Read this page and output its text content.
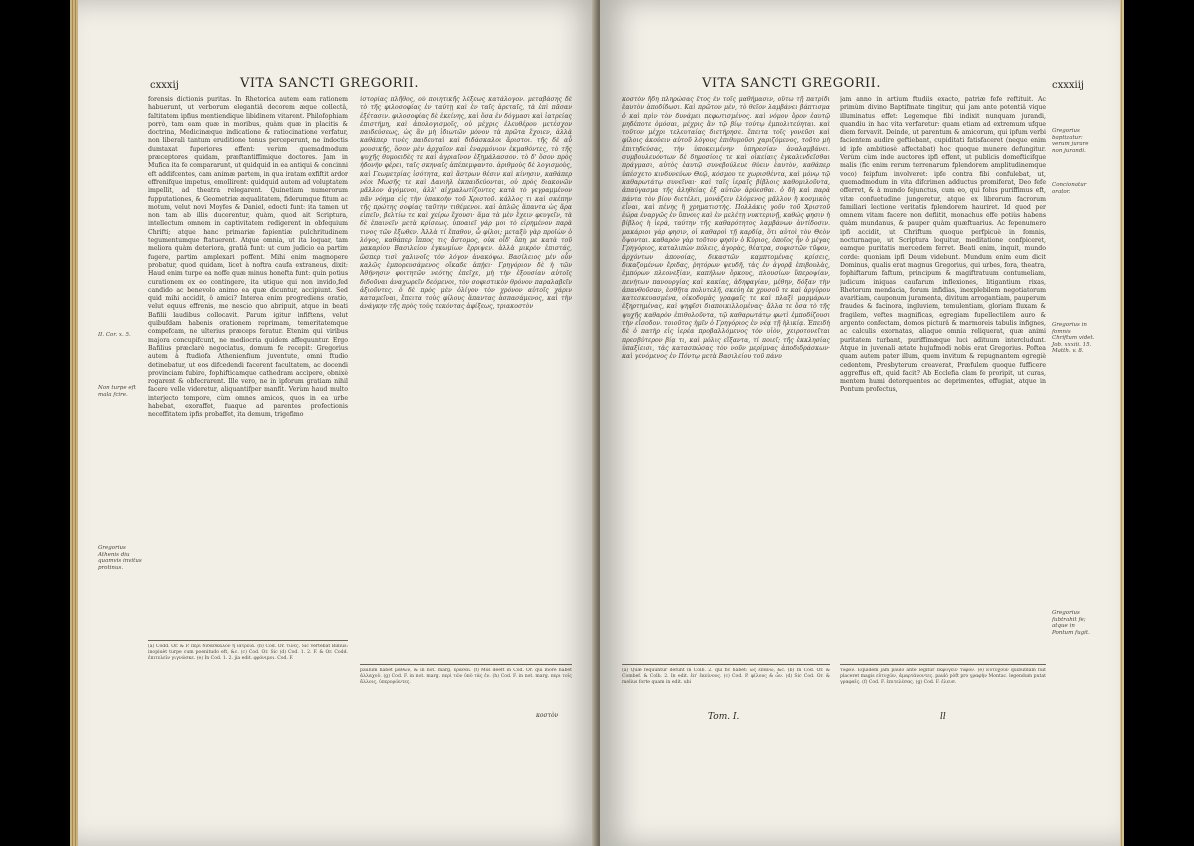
cxxxij	VITA SANCTI GREGORII.
II. Cor. x. 5.
Non turpe eft mala fcire.
Gregorius Athenis diu quamvis invitus protinus.

forensis dictionis puritas. In Rhetorica autem eam rationem habuerunt, ut verborum elegantiâ decorem æque collectâ, faltitatem ipfius mentiendique libidinem vitarent. Philofophiam porrò, tam eam quæ in moribus, quàm quæ in placitis & doctrina, Medicinæque indicatione & ratiocinatione verfatur, non liberali tantum eruditione tenus perceperunt, ne indoctis dumtaxat fuperiores effent: verùm quemadmodum præceptores quidam, præftantiffimique doctores. Jam in Mufica ita fe compararunt, ut quidquid in ea antiqui & concinni eft addifcentes, cam animæ partem, in qua iratam exfiftit ardor effrenifque impetus, emollirent: quidquid autem ad voluptatem impellit, ad theatra relegarent. Quinetiam numerorum fupputationes, & Geometriæ æqualitatem, fiderumque fitum ac motum, velut novi Moyfes & Daniel, edocti funt: ita tamen ut non tam ab illis ducerentur, quàm, quod ait Scriptura, intellectum omnem in captivitatem redigerent in obfequium Chrifti; atque hanc primariæ fapientiæ pulchritudinem tegumentumque ftatuerent. Atque omnia, ut ita loquar, tam meliora quàm deteriora, gratiâ funt: ut cum judicio ea partim fugere, partim amplexari poffent. Mihi enim magnopere probatur, quod quidam, licet à noftra caufa extraneus, dixit: Haud enim turpe ea noffe quæ minus honefta funt: quin potius curationem ex eo contingere, ita utique qui non invido,fed candido ac benevolo animo ea quæ dicuntur, accipiunt. Sed quid mihi accidit, ô amici? Interea enim progrediens oratio, velut equus effrenis, me nescio quo abripuit, atque in beati Bafilii laudibus collocavit. Parum igitur infiftens, velut quibufdam habenis orationem reprimam, temeritatemque compefcam, ne ulterius præceps feratur. Etenim qui viribus majora concupifcunt, ne mediocria quidem affequuntur. Ergo Bafilius præclarè negociatus, domum fe recepit: Gregorius autem à ftudiofa Athenienfium juventute, omni ftudio detinebatur, ut eos difcedendi facerent facultatem, ac docendi provinciam fubire, fophifticamque cathedram accipere, obnixè rogarent & obfecrarent. Ille vero, ne in ipforum gratiam nihil facere velle videretur, aliquantifper manfit. Verùm haud multo interjecto tempore, cùm omnes amicos, quos in ea urbe habebat, exoraffet, fuaque ad parentes profectionis neceffitatem ipfis probaffet, ita demum, trigefimo

ἱστορίας πλῆθος, οὐ ποιητικῆς λέξεως κατάλογον. μεταβάσης δὲ τὸ τῆς φιλοσοφίας ἐν ταύτῃ καὶ ἐν ταῖς ἀρεταῖς, τὰ ἐπὶ πᾶσαν ἐξέτασιν. φιλοσοφίας δὲ ἐκείνης, καὶ ὅσα ἐν δόγμασι καὶ ἰατρείας ἐπιστήμη, καὶ ἀπολογισμοῖς, οὐ μέχρις ἐλευθέρου μετέσχον παιδεύσεως, ὡς ἂν μὴ ἰδιωτῶν μόνον τὰ πρῶτα ἔχοιεν, ἀλλὰ καθάπερ τινὲς παιδευταὶ καὶ διδάσκαλοι ἄριστοι. τῆς δὲ αὖ μουσικῆς, ὅσον μὲν ἀρχαῖον καὶ ἐναρμόνιον ἐκμαθόντες, τὸ τῆς ψυχῆς θυμοειδὲς τε καὶ ἀγριαῖνον ἐξημάλασσον. τὸ δ' ὅσον πρὸς ἡδονὴν φέρει, ταῖς σκηναῖς ἀπέπεμψαντο. ἀριθμοὺς δὲ λογισμοὺς, καὶ Γεωμετρίας ἰσότητα, καὶ ἄστρων θέσιν καὶ κίνησιν, καθάπερ νέοι Μωσῆς τε καὶ Δανιὴλ ἐκπαιδεύονται, οὐ πρὸς διακονῶν μᾶλλον ἀγόμενοι, ἀλλ' αἰχμαλωτίζοντες κατὰ τὸ γεγραμμένον πᾶν νόημα εἰς τὴν ὑπακοὴν τοῦ Χριστοῦ. κάλλος τι καὶ σκέπην τῆς πρώτης σοφίας ταῦτην τιθέμενοι. καὶ ἁπλῶς ἅπαντα ὡς ἄρα εἰπεῖν, βελτίω τε καὶ χείρω ἔχουσι· ἅμα τὰ μὲν ἔχειν φευγεῖν, τὰ δὲ ἐπαινεῖν μετὰ κρίσεως. ὑποαιεῖ γάρ μοι τὸ εἰρημένον παρὰ τινος τῶν ἔξωθεν. Ἀλλὰ τί ἔπαθον, ὦ φίλοι; μεταξὺ γὰρ προϊὼν ὁ λόγος, καθάπερ ἵππος τις ἄστομος, οὐκ οἶδ' ὅπη με κατὰ τοῦ μακαρίου Βασιλείου ἐγκωμίων ἔρριψεν. ἀλλὰ μικρὸν ἐπιστάς, ὥσπερ τισὶ χαλινοῖς τὸν λόγον ἀνακόψω. Βασίλειος μὲν οὖν καλῶς ἐμπορευσάμενος οἴκαδε ἀπῄει· Γρηγόριον δὲ ἡ τῶν Ἀθήνησιν φοιτητῶν νεότης ἐπεῖχε, μὴ τὴν ἐξουσίαν αὐτοῖς διδοῦναι ἀναχωρεῖν δεόμενοι, τὸν σοφιστικὸν θρόνον παραλαβεῖν ἀξιοῦντες. ὁ δὲ πρὸς μὲν ὀλίγον τὸν χρόνον αὐτοῖς χάριν καταμεῖναι, ἔπειτα τοὺς φίλους ἅπαντας ἀσπασάμενος, καὶ τὴν ἀνάγκην τῆς πρὸς τοὺς τεκόντας ἀφίξεως, τριακοστὸν

(a) Codd. Or. & P. περὶ διδάσκαλον ἢ ἰατρεῖα. (b) Cod. Or. τινὲς. Sic vertebat Billius: inopiuèt turpe cum poenitudo eft, &c. (c) Cod. Or. Sic (d) Cod. 1. 2. F. & Or. Codd. ἐπιτελεῖν γιγνῶσκε. (e) In Cod. 1. 2. jia edit. φρόνιμοι. Cod. F.
paulum habet μαθὼν, & in not. marg. ἐρᾶσαι. (f) Mss deeft in Cod. Or. qui more habet ἀλλαχοῦ. (g) Cod. F. in not. marg. περὶ τῶν ὑπὸ τὰς ἐν. (h) Cod. F. in not. marg. περι τοῖς ἄλλοις, ὑπερορῶντες.
κοστὸν
VITA SANCTI GREGORII.	cxxxiij

κοστὸν ἤδη πληρώσας ἔτος ἐν τοῖς μαθήμασιν, οὕτω τῇ πατρίδι ἑαυτὸν ἀποδίδωσι. Καὶ πρῶτον μὲν, τὸ θεῖον λαμβάνει βάπτισμα ὁ καὶ πρὶν τὸν δυνάμει πεφωτισμένος. καὶ νόμον ὅρον ἑαυτῷ μηδέποτε ὀμόσαι, μέχρις ἂν τῷ βίῳ τούτῳ ἐμπολιτεύηται. καὶ τοῦτον μέχρι τελευταίας διετήρησε. ἔπειτα τοῖς γονεῦσι καὶ φίλοις ἀκούειν αὐτοῦ λόγους ἐπιθυμοῦσι χαριζόμενος, τοῦτο μὴ ἐπιτηδεύσας, τὴν ὑποκειμένην ὑπηρεσίαν ἀναλαμβάνει. συμβουλευόντων δὲ δημοσίοις τε καὶ οἰκείαις ἐγκαλινδεῖσθαι πράγμασι, αὐτὸς ἑαυτῷ συνεβούλευε θύειν ἑαυτὸν, καθάπερ ὑπέσχετο κινδυνεύων Θεῷ, κόσμου τε χωρισθέντα, καὶ μόνῳ τῷ καθαρωτάτῳ συνεῖναι· καὶ ταῖς ἱεραῖς βίβλοις καθομιλοῦντα, ἀπαύγασμα τῆς ἀληθείας ἐξ αὐτῶν ἀρύεσθαι. ὁ δὴ καὶ παρὰ πάντα τὸν βίον διετέλει, μονάζειν ἑλόμενος μᾶλλον ἢ κοσμικὸς εἶναι, καὶ πένης ἢ χρηματιστής. Πολλάκις γοῦν τοῦ Χριστοῦ ἐώρα ἐναργῶς ἐν ὕπνοις καὶ ἐν μελέτῃ νυκτερινῇ, καθώς φησιν ἡ βίβλος ἡ ἱερά, ταύτην τῆς καθαρότητος λαμβάνων ἀντίδοσιν. μακάριοι γάρ φησιν, οἱ καθαροὶ τῇ καρδίᾳ, ὅτι αὐτοὶ τὸν Θεὸν ὄψονται. καθαρὸν γὰρ τοῦτον φησὶν ὁ Κύριος, ὁποῖος ἦν ὁ μέγας Γρηγόριος, καταλιπὼν πόλεις, ἀγορὰς, θέατρα, σοφιστῶν τῦφον, ἀρχόντων ἀπονοίας, δικαστῶν καμπτομένας κρίσεις, δικαζομένων ἔριδας, ῥητόρων ψευδῆ, τὰς ἐν ἀγορᾷ ἐπιβουλὰς, ἐμπόρων πλεονεξίαν, καπήλων ὅρκους, πλουσίων ὕπεροψίαν, πενήτων πανουργίας καὶ κακίας, ἀδηφαγίαν, μέθην, δόξαν τὴν ἀπανθοῦσαν, ἐσθῆτα πολυτελῆ, σκεύη ἐκ χρυσοῦ τε καὶ ἀργύρου κατεσκευασμένα, οἰκοδομὰς γραφαῖς τε καὶ πλαξὶ μαρμάρων ἐξηρτημένας, καὶ ψηφῖσι διαποικιλλομένας· ἄλλα τε ὅσα τὸ τῆς ψυχῆς καθαρὸν ἐπιθολοῦντα, τῷ καθαρωτάτῳ φωτὶ ἐμποδίζουσι τὴν εἴσοδον. τοιοῦτος ἡμῖν ὁ Γρηγόριος ἐν νέᾳ τῇ ἡλικίᾳ. Ἐπειδὴ δὲ ὁ πατὴρ εἰς ἱερέα προβαλλόμενος τὸν υἱὸν, χειροτονεῖται πρεσβύτερον βίᾳ τι, καὶ μόλις εἴξαντα, τί ποιεῖ; τῆς ἐκκλησίας ὑπαξίεισι, τὰς κατασπώσας τὸν νοῦν μερίμνας ἀποδιδράσκων· καὶ γενόμενος ἐν Πόντῳ μετὰ Βασιλείου τοῦ πάνυ

jam anno in artium ftudiis exacto, patriæ fefe reftituit. Ac primùm divino Baptifmate tingitur, qui jam ante potentiâ vique illuminatus effet: Legemque fibi indixit nunquam jurandi, quandiu in hac vita verfaretur: quam etiam ad extremum ufque diem fervavit. Deinde, ut parentum & amicorum, qui ipfum verbi facientem audire geftiebant, cupiditati fatisfaceret (neque enim id ipfe ambitiosè affectabat) hoc quoque munere defungitur. Verùm cùm inde auctores ipfi effent, ut publicis domefticifque malis (fic enim rerum terrenarum fplendorem amplitudinemque voco) feipfum involveret: ipfe contra fibi confulebat, ut, quemadmodum in vita difcrimen adductus promiferat, Deo fefe offerret, & à mundo fejunctus, cum eo, qui folus puriffimus eft, vitæ confuetudine jungeretur, atque ex librorum facrorum familiari lectione veritatis fplendorem hauriret. Id quod per omnem vitam facere non defiitit, monachus effe potiùs habens quàm mundanus, & pauper quàm quæftuarius. Ac fepenumero ipfi accidit, ut Chriftum quoque perfpicuè in fomnis, nocturnaque, ut Scriptura loquitur, meditatione confpiceret, eamque puritatis mercedem ferret. Beati enim, inquit, mundo corde: quoniam ipfi Deum videbunt. Mundum enim eum dicit Dominus, qualis erat magnus Gregorius, qui urbes, fora, theatra, fophiftarum faftum, principum & magiftratuum contumeliam, judicum iniquas caufarum inflexiones, litigantium rixas, Rhetorum mendacia, forum infidias, inexplebilem negotiatorum avaritiam, cauponum juramenta, divitum arrogantiam, pauperum fraudes & facinora, ingluviem, temulentiam, gloriam fluxam & fragilem, veftes magnificas, egregiam fupellectilem auro & argento confectam, domos picturâ & marmoreis tabulis infignes, ac calculis exornatas, aliaque omnia reliquerat, quæ animi puritatem turbant, puriffimæque luci adituum intercludunt. Atque in juvenali ætate hujufmodi nobis erat Gregorius. Poftea quam autem pater illum, quem invitum & repugnantem egregiè cedentem, Presbyterum creaverat, Præfulem quoque fufficere aggreffus eft, quid facit? Ab Ecclefia clam fe proripit, ut curas, mentem humi detorquentes ac deprimentes, effugiat, atque in Pontum profectus,

Gregorius baptizatur: verum jurare non jurandi.
Concionatur orator.
Gregorius in fomnis Chriftum videt. Job. xxxiii. 15. Matth. v. 8.
Gregorius fubtrahit fe; atque in Pontum fugit.
(a) Quæ fequuntur defunt in Colb. 2. qui fic habet: ὡς ἐπάνω, &c. (b) In Cod. Or. & Combef. & Colb. 2. In edit. ἐπ' ἐκείνους. (c) Cod. P. φίλους & ὧν. (d) Sic Cod. Or. & melius forte quam in edit. ubi
τύφον. Equidem jam paulò antè legitur ἐκφύγειν τύφον. (e) Εὐτυχοῦν quibufdam fuit placeret magis εὐτυχῶν, ἁμαρτάνοντες. paulò pòft pro γραφὴν Montac. legendum putat γραφαῖς. (f) Cod. F. ἐπιτελέσας. (g) Cod. F. ἐλευσ.
Tom. I.	ll
